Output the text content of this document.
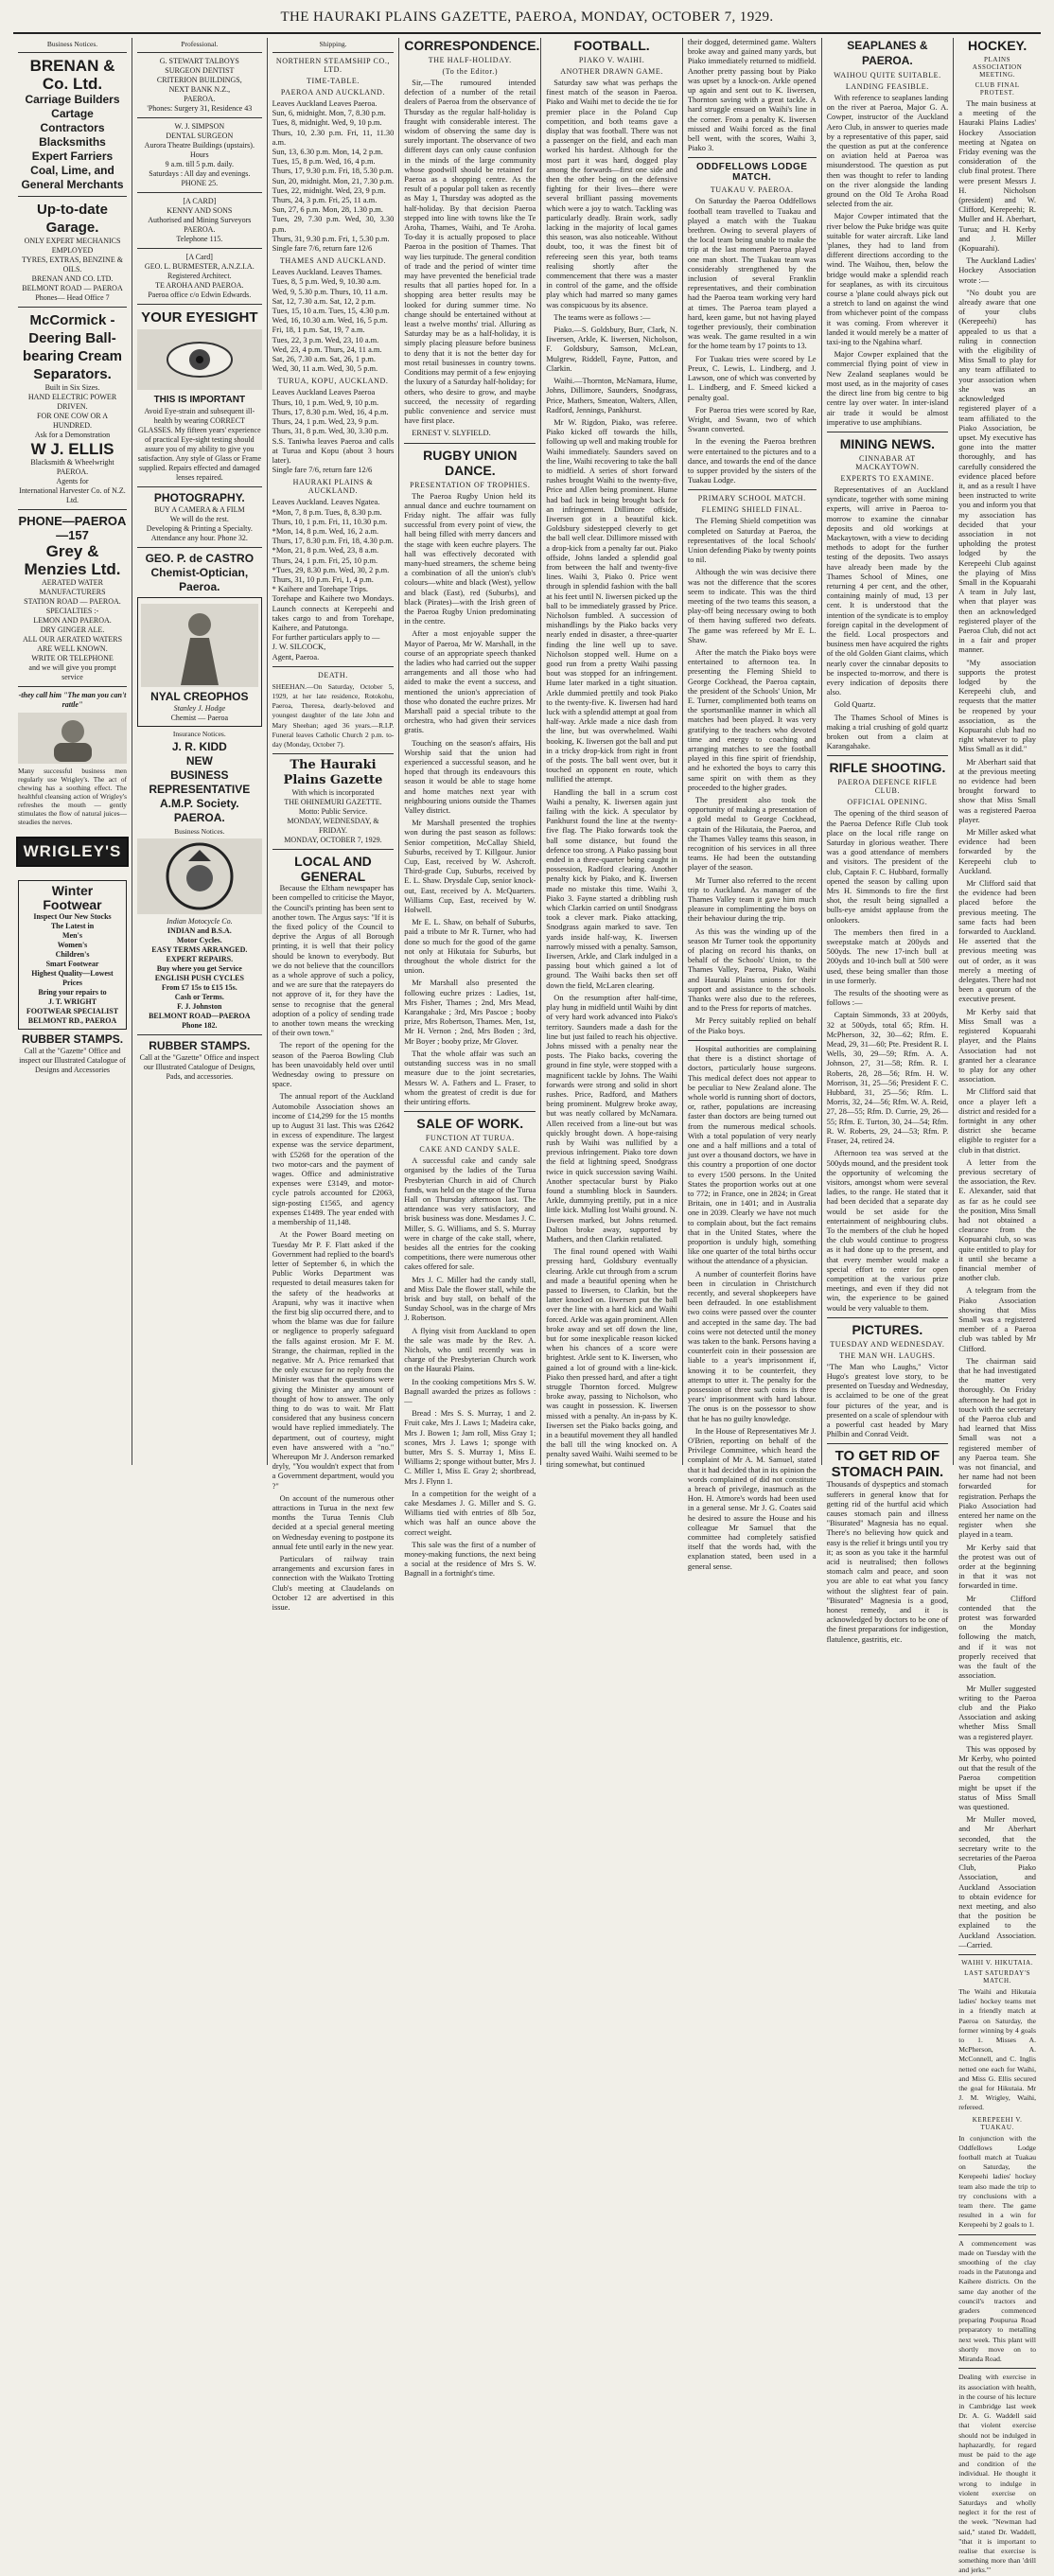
THE HAURAKI PLAINS GAZETTE, PAEROA, MONDAY, OCTOBER 7, 1929.
Business Notices.
BRENAN & Co. Ltd.
Carriage Builders
Cartage Contractors
Blacksmiths
Expert Farriers
Coal, Lime, and
General Merchants
Up-to-date Garage.
ONLY EXPERT MECHANICS EMPLOYED
TYRES, EXTRAS, BENZINE & OILS.
BRENAN AND CO. LTD.
BELMONT ROAD — PAEROA
Phones— Head Office 7
McCormick - Deering Ball-bearing Cream Separators.
Built in Six Sizes.
HAND ELECTRIC POWER DRIVEN.
FOR ONE COW OR A HUNDRED.
Ask for a Demonstration
W J. ELLIS
Blacksmith & Wheelwright
PAEROA.
Agents for
International Harvester Co. of N.Z. Ltd.
PHONE—PAEROA —157
Grey & Menzies Ltd.
AERATED WATER
MANUFACTURERS
STATION ROAD — PAEROA.
SPECIALTIES :-
LEMON AND PAEROA.
DRY GINGER ALE.
ALL OUR AERATED WATERS ARE WELL KNOWN.
WRITE OR TELEPHONE
and we will give you prompt service
-they call him "The man you can't rattle"
Many successful business men regularly use Wrigley's. The act of chewing has a soothing effect. The healthful cleansing action of Wrigley's refreshes the mouth — gently stimulates the flow of natural juices—steadies the nerves.
WRIGLEY'S
Winter Footwear
Inspect Our New Stocks
The Latest in
Men's
Women's
Children's
Smart Footwear
Highest Quality—Lowest Prices
Bring your repairs to
J. T. WRIGHT
FOOTWEAR SPECIALIST
BELMONT RD., PAEROA
RUBBER STAMPS.
Call at the "Gazette" Office and inspect our Illustrated Catalogue of Designs and Accessories
Professional.
G. STEWART TALBOYS
SURGEON DENTIST
CRITERION BUILDINGS,
NEXT BANK N.Z.,
PAEROA.
'Phones: Surgery 31, Residence 43
W. J. SIMPSON
DENTAL SURGEON
Aurora Theatre Buildings (upstairs).
Hours
9 a.m. till 5 p.m. daily.
Saturdays : All day and evenings.
PHONE 25.
[A CARD]
KENNY AND SONS
Authorised and Mining Surveyors
PAEROA.
Telephone 115.
[A Card]
GEO. L. BURMESTER, A.N.Z.I.A.
Registered Architect.
TE AROHA AND PAEROA.
Paeroa office c/o Edwin Edwards.
YOUR EYESIGHT
THIS IS IMPORTANT
Avoid Eye-strain and subsequent ill-health by wearing CORRECT GLASSES. My fifteen years' experience of practical Eye-sight testing should assure you of my ability to give you satisfaction. Any style of Glass or Frame supplied. Repairs effected and damaged lenses repaired.
PHOTOGRAPHY.
BUY A CAMERA & A FILM
We will do the rest.
Developing & Printing a Specialty.
Attendance any hour. Phone 32.
GEO. P. de CASTRO
Chemist-Optician, Paeroa.
NYAL CREOPHOS
Stanley J. Hodge
Chemist — Paeroa
Insurance Notices.
J. R. KIDD
NEW
BUSINESS REPRESENTATIVE
A.M.P. Society.
PAEROA.
Business Notices.
Indian Motocycle Co.
INDIAN and B.S.A.
Motor Cycles.
EASY TERMS ARRANGED.
EXPERT REPAIRS.
Buy where you get Service
ENGLISH PUSH CYCLES
From £7 15s to £15 15s.
Cash or Terms.
F. J. Johnston
BELMONT ROAD—PAEROA
Phone 182.
RUBBER STAMPS.
Call at the "Gazette" Office and inspect our Illustrated Catalogue of Designs, Pads, and accessories.
Shipping.
NORTHERN STEAMSHIP CO., LTD.
TIME-TABLE.
PAEROA AND AUCKLAND.
Leaves Auckland Leaves Paeroa.
Sun, 6, midnight. Mon, 7, 8.30 p.m.
Tues, 8, midnight. Wed, 9, 10 p.m.
Thurs, 10, 2.30 p.m. Fri, 11, 11.30 a.m.
Sun, 13, 6.30 p.m. Mon, 14, 2 p.m.
Tues, 15, 8 p.m. Wed, 16, 4 p.m.
Thurs, 17, 9.30 p.m. Fri, 18, 5.30 p.m.
Sun, 20, midnight. Mon, 21, 7.30 p.m.
Tues, 22, midnight. Wed, 23, 9 p.m.
Thurs, 24, 3 p.m. Fri, 25, 11 a.m.
Sun, 27, 6 p.m. Mon, 28, 1.30 p.m.
Tues, 29, 7.30 p.m. Wed, 30, 3.30 p.m.
Thurs, 31, 9.30 p.m. Fri, 1, 5.30 p.m.
Single fare 7/6, return fare 12/6
THAMES AND AUCKLAND.
Leaves Auckland. Leaves Thames.
Tues, 8, 5 p.m. Wed, 9, 10.30 a.m.
Wed, 9, 5.30 p.m. Thurs, 10, 11 a.m.
Sat, 12, 7.30 a.m. Sat, 12, 2 p.m.
Tues, 15, 10 a.m. Tues, 15, 4.30 p.m.
Wed, 16, 10.30 a.m. Wed, 16, 5 p.m.
Fri, 18, 1 p.m. Sat, 19, 7 a.m.
Tues, 22, 3 p.m. Wed, 23, 10 a.m.
Wed, 23, 4 p.m. Thurs, 24, 11 a.m.
Sat, 26, 7.30 a.m. Sat, 26, 1 p.m.
Wed, 30, 11 a.m. Wed, 30, 5 p.m.
TURUA, KOPU, AUCKLAND.
Leaves Auckland Leaves Paeroa
Thurs, 10, 1 p.m. Wed, 9, 10 p.m.
Thurs, 17, 8.30 p.m. Wed, 16, 4 p.m.
Thurs, 24, 1 p.m. Wed, 23, 9 p.m.
Thurs, 31, 8 p.m. Wed, 30, 3.30 p.m.
S.S. Taniwha leaves Paeroa and calls at Turua and Kopu (about 3 hours later).
Single fare 7/6, return fare 12/6
HAURAKI PLAINS & AUCKLAND.
Leaves Auckland. Leaves Ngatea.
*Mon, 7, 8 p.m. Tues, 8, 8.30 p.m.
Thurs, 10, 1 p.m. Fri, 11, 10.30 p.m.
*Mon, 14, 8 p.m. Wed, 16, 2 a.m.
Thurs, 17, 8.30 p.m. Fri, 18, 4.30 p.m.
*Mon, 21, 8 p.m. Wed, 23, 8 a.m.
Thurs, 24, 1 p.m. Fri, 25, 10 p.m.
*Tues, 29, 8.30 p.m. Wed, 30, 2 p.m.
Thurs, 31, 10 p.m. Fri, 1, 4 p.m.
* Kaihere and Torehape Trips.
Torehape and Kaihere two Mondays. Launch connects at Kerepeehi and takes cargo to and from Torehape, Kaihere, and Patutonga.
For further particulars apply to —
J. W. SILCOCK,
Agent, Paeroa.
DEATH.
SHEEHAN.—On Saturday, October 5, 1929, at her late residence, Rotokohu, Paeroa, Theresa, dearly-beloved and youngest daughter of the late John and Mary Sheehan; aged 36 years.—R.I.P. Funeral leaves Catholic Church 2 p.m. to-day (Monday, October 7).
The Hauraki Plains Gazette
With which is incorporated
THE OHINEMURI GAZETTE.
Motto: Public Service.
MONDAY, WEDNESDAY, & FRIDAY.
MONDAY, OCTOBER 7, 1929.
LOCAL AND GENERAL

Because the Eltham newspaper has been compelled to criticise the Mayor, the Council's printing has been sent to another town. The Argus says: "If it is the fixed policy of the Council to deprive the Argus of all Borough printing, it is well that their policy should be known to everybody. But we do not believe that the councillors as a whole approve of such a policy, and we are sure that the ratepayers do not approve of it, for they have the sense to recognise that the general adoption of a policy of sending trade to another town means the wrecking of their own town."

The report of the opening for the season of the Paeroa Bowling Club has been unavoidably held over until Wednesday owing to pressure on space.

The annual report of the Auckland Automobile Association shows an income of £14,299 for the 15 months up to August 31 last. This was £2642 in excess of expenditure. The largest expense was the service department, with £5268 for the operation of the two motor-cars and the payment of wages. Office and administrative expenses were £3149, and motor-cycle patrols accounted for £2063, sign-posting £1565, and agency expenses £1489. The year ended with a membership of 11,148.

At the Power Board meeting on Tuesday Mr P. F. Flatt asked if the Government had replied to the board's letter of September 6, in which the Public Works Department was requested to detail measures taken for the safety of the headworks at Arapuni, why was it inactive when the first big slip occurred there, and to whom the blame was due for failure or negligence to properly safeguard the falls against erosion. Mr F. M. Strange, the chairman, replied in the negative. Mr A. Price remarked that the only excuse for no reply from the Minister was that the questions were giving the Minister any amount of thought of how to answer. The only thing to do was to wait. Mr Flatt considered that any business concern would have replied immediately. The department, out of courtesy, might even have answered with a "no." Whereupon Mr J. Anderson remarked dryly, "You wouldn't expect that from a Government department, would you ?"

On account of the numerous other attractions in Turua in the next few months the Turua Tennis Club decided at a special general meeting on Wednesday evening to postpone its annual fete until early in the new year.

Particulars of railway train arrangements and excursion fares in connection with the Waikato Trotting Club's meeting at Claudelands on October 12 are advertised in this issue.

CORRESPONDENCE.
THE HALF-HOLIDAY.
(To the Editor.)

Sir,—The rumoured intended defection of a number of the retail dealers of Paeroa from the observance of Thursday as the regular half-holiday is fraught with considerable interest. The wisdom of observing the same day is surely important. The observance of two different days can only cause confusion in the minds of the large community whose goodwill should be retained for Paeroa as a shopping centre. As the result of a popular poll taken as recently as May 1, Thursday was adopted as the half-holiday. By that decision Paeroa stepped into line with towns like the Te Aroha, Thames, Waihi, and Te Aroha. To-day it is actually proposed to place Paeroa in the position of Thames. That way lies turpitude. The general condition of trade and the period of winter time may have prevented the beneficial trade results that all parties hoped for. In a shopping area better results may be looked for during summer time. No change should be entertained without at least a twelve months' trial. Alluring as Saturday may be as a half-holiday, it is simply placing pleasure before business to deny that it is not the better day for most retail businesses in country towns. Conditions may permit of a few enjoying the luxury of a Saturday half-holiday; for others, who desire to grow, and maybe succeed, the necessity of regarding public convenience and service must have first place.

ERNEST V. SLYFIELD.

RUGBY UNION DANCE.
PRESENTATION OF TROPHIES.

The Paeroa Rugby Union held its annual dance and euchre tournament on Friday night. The affair was fully successful from every point of view, the hall being filled with merry dancers and the stage with keen euchre players. The hall was effectively decorated with many-hued streamers, the scheme being a combination of all the union's club's colours—white and black (West), yellow and black (East), red (Suburbs), and black (Pirates)—with the Irish green of the Paeroa Rugby Union predominating in the centre.

After a most enjoyable supper the Mayor of Paeroa, Mr W. Marshall, in the course of an appropriate speech thanked the ladies who had carried out the supper arrangements and all those who had aided to make the event a success, and mentioned the union's appreciation of those who donated the euchre prizes. Mr Marshall paid a special tribute to the orchestra, who had given their services gratis.

Touching on the season's affairs, His Worship said that the union had experienced a successful season, and he hoped that through its endeavours this season it would be able to stage home and home matches next year with neighbouring unions outside the Thames Valley district.

Mr Marshall presented the trophies won during the past season as follows: Senior competition, McCallay Shield, Suburbs, received by T. Killgour. Junior Cup, East, received by W. Ashcroft. Third-grade Cup, Suburbs, received by E. L. Shaw. Drysdale Cup, senior knock-out, East, received by A. McQuarters. Williams Cup, East, received by W. Holwell.

Mr E. L. Shaw, on behalf of Suburbs, paid a tribute to Mr R. Turner, who had done so much for the good of the game not only at Hikutaia for Suburbs, but throughout the whole district for the union.

Mr Marshall also presented the following euchre prizes : Ladies, 1st, Mrs Fisher, Thames ; 2nd, Mrs Mead, Karangahake ; 3rd, Mrs Pascoe ; booby prize, Mrs Robertson, Thames. Men, 1st, Mr H. Vernon ; 2nd, Mrs Boden ; 3rd, Mr Boyer ; booby prize, Mr Glover.

That the whole affair was such an outstanding success was in no small measure due to the joint secretaries, Messrs W. A. Fathers and L. Fraser, to whom the greatest of credit is due for their untiring efforts.

SALE OF WORK.
FUNCTION AT TURUA.
CAKE AND CANDY SALE.

A successful cake and candy sale organised by the ladies of the Turua Presbyterian Church in aid of Church funds, was held on the stage of the Turua Hall on Thursday afternoon last. The attendance was very satisfactory, and brisk business was done. Mesdames J. C. Miller, S. G. Williams, and S. S. Murray were in charge of the cake stall, where, besides all the entries for the cooking competitions, there were numerous other cakes offered for sale.

Mrs J. C. Miller had the candy stall, and Miss Dale the flower stall, while the brisk and buy stall, on behalf of the Sunday School, was in the charge of Mrs J. Robertson.

A flying visit from Auckland to open the sale was made by the Rev. A. Nichols, who until recently was in charge of the Presbyterian Church work on the Hauraki Plains.

In the cooking competitions Mrs S. W. Bagnall awarded the prizes as follows :—

Bread : Mrs S. S. Murray, 1 and 2. Fruit cake, Mrs J. Laws 1; Madeira cake, Mrs J. Bowen 1; Jam roll, Miss Gray 1; scones, Mrs J. Laws 1; sponge with butter, Mrs S. S. Murray 1, Miss E. Williams 2; sponge without butter, Mrs J. C. Miller 1, Miss E. Gray 2; shortbread, Mrs J. Flynn 1.

In a competition for the weight of a cake Mesdames J. G. Miller and S. G. Williams tied with entries of 8lb 5oz, which was half an ounce above the correct weight.

This sale was the first of a number of money-making functions, the next being a social at the residence of Mrs S. W. Bagnall in a fortnight's time.

FOOTBALL.
PIAKO V. WAIHI.
ANOTHER DRAWN GAME.

Saturday saw what was perhaps the finest match of the season in Paeroa. Piako and Waihi met to decide the tie for premier place in the Poland Cup competition, and both teams gave a display that was football. There was not a passenger on the field, and each man worked his hardest. Although for the most part it was hard, dogged play among the forwards—first one side and then the other being on the defensive fighting for their lives—there were several brilliant passing movements which were a joy to watch. Tackling was particularly deadly. Brain work, sadly lacking in the majority of local games this season, was also noticeable. Without doubt, too, it was the finest bit of refereeing seen this year, both teams realising shortly after the commencement that there was a master in control of the game, and the offside play which had marred so many games was conspicuous by its absence.

The teams were as follows :—

Piako.—S. Goldsbury, Burr, Clark, N. Iiwersen, Arkle, K. Iiwersen, Nicholson, F. Goldsbury, Samson, McLean, Mulgrew, Riddell, Fayne, Patton, and Clarkin.

Waihi.—Thornton, McNamara, Hume, Johns, Dillimore, Saunders, Snodgrass, Price, Mathers, Smeaton, Walters, Allen, Radford, Jennings, Pankhurst.

Mr W. Rigdon, Piako, was referee. Piako kicked off towards the hills, following up well and making trouble for Waihi immediately. Saunders saved on the line, Waihi recovering to take the ball to midfield. A series of short forward rushes brought Waihi to the twenty-five, Price and Allen being prominent. Hume had bad luck in being brought back for an infringement. Dillimore offside, Iiwersen got in a beautiful kick. Goldsbury sidestepped cleverly to get the ball well clear. Dillimore missed with a drop-kick from a penalty far out. Piako offside, Johns landed a splendid goal from between the half and twenty-five lines. Waihi 3, Piako 0. Price went through in splendid fashion with the ball at his feet until N. Iiwersen picked up the ball to be immediately grassed by Price. Nicholson fumbled. A succession of mishandlings by the Piako backs very nearly ended in disaster, a three-quarter finding the line well up to save. Nicholson stopped well. Hume on a good run from a pretty Waihi passing bout was stopped for an infringement. Hume later marked in a tight situation. Arkle dummied prettily and took Piako to the twenty-five. K. Iiwersen had hard luck with a splendid attempt at goal from half-way. Arkle made a nice dash from the line, but was overwhelmed. Waihi booking, K. Iiwersen got the ball and put in a tricky drop-kick from right in front of the posts. The ball went over, but it touched an opponent en route, which nullified the attempt.

Handling the ball in a scrum cost Waihi a penalty, K. Iiwersen again just failing with the kick. A speculator by Pankhurst found the line at the twenty-five flag. The Piako forwards took the ball some distance, but found the defence too strong. A Piako passing bout ended in a three-quarter being caught in possession, Radford clearing. Another penalty kick by Piako, and K. Iiwersen made no mistake this time. Waihi 3, Piako 3. Fayne started a dribbling rush which Clarkin carried on until Snodgrass took a clever mark. Piako attacking, Snodgrass again marked to save. Ten yards inside half-way, K. Iiwersen narrowly missed with a penalty. Samson, Iiwersen, Arkle, and Clark indulged in a passing bout which gained a lot of ground. The Waihi backs then set off down the field, McLaren clearing.

On the resumption after half-time, play hung in midfield until Waihi by dint of very hard work advanced into Piako's territory. Saunders made a dash for the line but just failed to reach his objective. Johns missed with a penalty near the posts. The Piako backs, covering the ground in fine style, were stopped with a magnificent tackle by Johns. The Waihi forwards were strong and solid in short rushes. Price, Radford, and Mathers being prominent. Mulgrew broke away, but was neatly collared by McNamara. Allen received from a line-out but was quickly brought down. A hope-raising rush by Waihi was nullified by a previous infringement. Piako tore down the field at lightning speed, Snodgrass twice in quick succession saving Waihi. Another spectacular burst by Piako found a stumbling block in Saunders. Arkle, dummying prettily, put in a nice little kick. Mulling lost Waihi ground. N. Iiwersen marked, but Johns returned. Dalton broke away, supported by Mathers, and then Clarkin retaliated.

The final round opened with Waihi pressing hard, Goldsbury eventually clearing. Arkle cut through from a scrum and made a beautiful opening when he passed to Iiwersen, to Clarkin, but the latter knocked on. Iiwersen put the ball over the line with a hard kick and Waihi forced. Arkle was again prominent. Allen broke away and set off down the line, but for some inexplicable reason kicked when his chances of a score were brightest. Arkle sent to K. Iiwersen, who gained a lot of ground with a line-kick. Piako then pressed hard, and after a tight struggle Thornton forced. Mulgrew broke away, passing to Nicholson, who was caught in possession. K. Iiwersen missed with a penalty. An in-pass by K. Iiwersen set the Piako backs going, and in a beautiful movement they all handled the ball till the wing knocked on. A penalty saved Waihi. Waihi seemed to be tiring somewhat, but continued

their dogged, determined game. Walters broke away and gained many yards, but Piako immediately returned to midfield. Another pretty passing bout by Piako was upset by a knock-on. Arkle opened up again and sent out to K. Iiwersen, Thornton saving with a great tackle. A hard struggle ensued on Waihi's line in the corner. From a penalty K. Iiwersen missed and Waihi forced as the final bell went, with the scores, Waihi 3, Piako 3.
ODDFELLOWS LODGE MATCH.
TUAKAU V. PAEROA.

On Saturday the Paeroa Oddfellows football team travelled to Tuakau and played a match with the Tuakau brethren. Owing to several players of the local team being unable to make the trip at the last moment Paeroa played one man short. The Tuakau team was considerably strengthened by the inclusion of several Franklin representatives, and their combination had the Paeroa team working very hard at times. The Paeroa team played a hard, keen game, but not having played together previously, their combination was weak. The game resulted in a win for the home team by 17 points to 13.

For Tuakau tries were scored by Le Preux, C. Lewis, L. Lindberg, and J. Lawson, one of which was converted by L. Lindberg, and F. Smeed kicked a penalty goal.

For Paeroa tries were scored by Rae, Wright, and Swann, two of which Swann converted.

In the evening the Paeroa brethren were entertained to the pictures and to a dance, and towards the end of the dance to supper provided by the sisters of the Tuakau Lodge.

PRIMARY SCHOOL MATCH.
FLEMING SHIELD FINAL.

The Fleming Shield competition was completed on Saturday at Paeroa, the representatives of the local Schools' Union defending Piako by twenty points to nil.

Although the win was decisive there was not the difference that the scores seem to indicate. This was the third meeting of the two teams this season, a play-off being necessary owing to both of them having suffered two defeats. The game was refereed by Mr E. L. Shaw.

After the match the Piako boys were entertained to afternoon tea. In presenting the Fleming Shield to George Cockhead, the Paeroa captain, the president of the Schools' Union, Mr E. Turner, complimented both teams on the sportsmanlike manner in which all matches had been played. It was very gratifying to the teachers who devoted time and energy to coaching and arranging matches to see the football played in this fine spirit of friendship, and he exhorted the boys to carry this same spirit on with them as they proceeded to the higher grades.

The president also took the opportunity of making a presentation of a gold medal to George Cockhead, captain of the Hikutaia, the Paeroa, and the Thames Valley teams this season, in recognition of his services in all three teams. He had been the outstanding player of the season.

Mr Turner also referred to the recent trip to Auckland. As manager of the Thames Valley team it gave him much pleasure in complimenting the boys on their behaviour during the trip.

As this was the winding up of the season Mr Turner took the opportunity of placing on record his thanks, on behalf of the Schools' Union, to the Thames Valley, Paeroa, Piako, Waihi and Hauraki Plains unions for their support and assistance to the schools. Thanks were also due to the referees, and to the Press for reports of matches.

Mr Percy suitably replied on behalf of the Piako boys.

Hospital authorities are complaining that there is a distinct shortage of doctors, particularly house surgeons. This medical defect does not appear to be peculiar to New Zealand alone. The whole world is running short of doctors, or, rather, populations are increasing faster than doctors are being turned out from the numerous medical schools. With a total population of very nearly one and a half millions and a total of just over a thousand doctors, we have in this country a proportion of one doctor to every 1500 persons. In the United States the proportion works out at one to 772; in France, one in 2824; in Great Britain, one in 1401; and in Australia one in 2039. Clearly we have not much to complain about, but the fact remains that in the United States, where the proportion is unduly high, something like one quarter of the total births occur without the attendance of a physician.

A number of counterfeit florins have been in circulation in Christchurch recently, and several shopkeepers have been defrauded. In one establishment two coins were passed over the counter and accepted in the same day. The bad coins were not detected until the money was taken to the bank. Persons having a counterfeit coin in their possession are liable to a year's imprisonment if, knowing it to be counterfeit, they attempt to utter it. The penalty for the possession of three such coins is three years' imprisonment with hard labour. The onus is on the possessor to show that he has no guilty knowledge.

In the House of Representatives Mr J. O'Brien, reporting on behalf of the Privilege Committee, which heard the complaint of Mr A. M. Samuel, stated that it had decided that in its opinion the words complained of did not constitute a breach of privilege, inasmuch as the Hon. H. Atmore's words had been used in a general sense. Mr J. G. Coates said he desired to assure the House and his colleague Mr Samuel that the committee had completely satisfied itself that the words had, with the explanation stated, been used in a general sense.

SEAPLANES & PAEROA.
WAIHOU QUITE SUITABLE.
LANDING FEASIBLE.

With reference to seaplanes landing on the river at Paeroa, Major G. A. Cowper, instructor of the Auckland Aero Club, in answer to queries made by a representative of this paper, said the question as put at the conference on aviation held at Paeroa was misunderstood. The question as put then was thought to refer to landing on the river alongside the landing ground on the Old Te Aroha Road selected from the air.

Major Cowper intimated that the river below the Puke bridge was quite suitable for water aircraft. Like land 'planes, they had to land from different directions according to the wind. The Waihou, then, below the bridge would make a splendid reach for seaplanes, as with its circuitous course a 'plane could always pick out a stretch to land on against the wind from whichever point of the compass it was coming. From wherever it landed it would merely be a matter of taxi-ing to the Ngahina wharf.

Major Cowper explained that the commercial flying point of view in New Zealand seaplanes would be most used, as in the majority of cases the direct line from big centre to big centre lay over water. In inter-island air trade it would be almost imperative to use amphibians.

MINING NEWS.
CINNABAR AT MACKAYTOWN.
EXPERTS TO EXAMINE.

Representatives of an Auckland syndicate, together with some mining experts, will arrive in Paeroa to-morrow to examine the cinnabar deposits and old workings at Mackaytown, with a view to deciding methods to adopt for the further testing of the deposits. Two assays have already been made by the Thames School of Mines, one returning 4 per cent, and the other, containing mainly of mud, 13 per cent. It is understood that the intention of the syndicate is to employ foreign capital in the development of the field. Local prospectors and business men have acquired the rights of the old Golden Giant claims, which nearly cover the cinnabar deposits to be inspected to-morrow, and there is every indication of deposits there also.

Gold Quartz.

The Thames School of Mines is making a trial crushing of gold quartz broken out from a claim at Karangahake.

RIFLE SHOOTING.
PAEROA DEFENCE RIFLE CLUB.
OFFICIAL OPENING.

The opening of the third season of the Paeroa Defence Rifle Club took place on the local rifle range on Saturday in glorious weather. There was a good attendance of members and visitors. The president of the club, Captain F. C. Hubbard, formally opened the season by calling upon Mrs H. Simmonds to fire the first shot, the result being signalled a bulls-eye amidst applause from the onlookers.

The members then fired in a sweepstake match at 200yds and 500yds. The new 17-inch bull at 200yds and 10-inch bull at 500 were used, these being smaller than those in use formerly.

The results of the shooting were as follows :—

Captain Simmonds, 33 at 200yds, 32 at 500yds, total 65; Rfm. H. McPherson, 32, 30—62; Rfm. E. Mead, 29, 31—60; Pte. President R. I. Wells, 30, 29—59; Rfm. A. A. Johnson, 27, 31—58; Rfm. R. I. Roberts, 28, 28—56; Rfm. H. W. Morrison, 31, 25—56; President F. C. Hubbard, 31, 25—56; Rfm. L. Morris, 32, 24—56; Rfm. W. A. Reid, 27, 28—55; Rfm. D. Currie, 29, 26—55; Rfm. E. Turton, 30, 24—54; Rfm. R. W. Roberts, 29, 24—53; Rfm. P. Fraser, 24, retired 24.

Afternoon tea was served at the 500yds mound, and the president took the opportunity of welcoming the visitors, amongst whom were several ladies, to the range. He stated that it had been decided that a separate day would be set aside for the entertainment of neighbouring clubs. To the members of the club he hoped the club would continue to progress as it had done up to the present, and that every member would make a special effort to enter for open competition at the various prize meetings, and even if they did not win, the experience to be gained would be very valuable to them.

PICTURES.
TUESDAY AND WEDNESDAY.
THE MAN WH. LAUGHS.
"The Man who Laughs," Victor Hugo's greatest love story, to be presented on Tuesday and Wednesday, is acclaimed to be one of the great four pictures of the year, and is presented on a scale of splendour with a powerful cast headed by Mary Philbin and Conrad Veidt.
TO GET RID OF STOMACH PAIN.
Thousands of dyspeptics and stomach sufferers in general know that for getting rid of the hurtful acid which causes stomach pain and illness "Bisurated" Magnesia has no equal. There's no believing how quick and easy is the relief it brings until you try it; as soon as you take it the harmful acid is neutralised; then follows stomach calm and peace, and soon you are able to eat what you fancy without the slightest fear of pain. "Bisurated" Magnesia is a good, honest remedy, and it is acknowledged by doctors to be one of the finest preparations for indigestion, flatulence, gastritis, etc.
HOCKEY.
PLAINS ASSOCIATION MEETING.
CLUB FINAL PROTEST.

The main business at a meeting of the Hauraki Plains Ladies' Hockey Association meeting at Ngatea on Friday evening was the consideration of the club final protest. There were present Messrs J. H. Nicholson (president) and W. Clifford, Kerepeehi; R. Muller and H. Aberhart, Turua; and H. Kerby and J. Miller (Kopuarahi).

The Auckland Ladies' Hockey Association wrote :—

"No doubt you are already aware that one of your clubs (Kerepeehi) has appealed to us that a ruling in connection with the eligibility of Miss Small to play for any team affiliated to your association when she was an acknowledged registered player of a team affiliated to the Piako Association, be upset. My executive has gone into the matter thoroughly, and has carefully considered the evidence placed before it, and as a result I have been instructed to write you and inform you that my association has decided that your association in not upholding the protest lodged by the Kerepeehi Club against the playing of Miss Small in the Kopuarahi A team in July last, when that player was then an acknowledged registered player of the Paeroa Club, did not act in a fair and proper manner.

"My association supports the protest lodged by the Kerepeehi club, and requests that the matter be reopened by your association, as the Kopuarahi club had no right whatever to play Miss Small as it did."

Mr Aberhart said that at the previous meeting no evidence had been brought forward to show that Miss Small was a registered Paeroa player.

Mr Miller asked what evidence had been forwarded by the Kerepeehi club to Auckland.

Mr Clifford said that the evidence had been placed before the previous meeting. The same facts had been forwarded to Auckland. He asserted that the previous meeting was out of order, as it was merely a meeting of delegates. There had not been a quorum of the executive present.

Mr Kerby said that Miss Small was a registered Kopuarahi player, and the Plains Association had not granted her a clearance to play for any other association.

Mr Clifford said that once a player left a district and resided for a fortnight in any other district she became eligible to register for a club in that district.

A letter from the previous secretary of the association, the Rev. E. Alexander, said that as far as he could see the position, Miss Small had not obtained a clearance from the Kopuarahi club, so was quite entitled to play for it until she became a financial member of another club.

A telegram from the Piako Association showing that Miss Small was a registered member of a Paeroa club was tabled by Mr Clifford.

The chairman said that he had investigated the matter very thoroughly. On Friday afternoon he had got in touch with the secretary of the Paeroa club and had learned that Miss Small was not a registered member of any Paeroa team. She was not financial, and her name had not been forwarded for registration. Perhaps the Piako Association had entered her name on the register when she played in a team.

Mr Kerby said that the protest was out of order at the beginning in that it was not forwarded in time.

Mr Clifford contended that the protest was forwarded on the Monday following the match, and if it was not properly received that was the fault of the association.

Mr Muller suggested writing to the Paeroa club and the Piako Association and asking whether Miss Small was a registered player.

This was opposed by Mr Kerby, who pointed out that the result of the Paeroa competition might be upset if the status of Miss Small was questioned.

Mr Muller moved, and Mr Aberhart seconded, that the secretary write to the secretaries of the Paeroa Club, Piako Association, and Auckland Association to obtain evidence for next meeting, and also that the position be explained to the Auckland Association.—Carried.

WAIHI V. HIKUTAIA.
LAST SATURDAY'S MATCH.
The Waihi and Hikutaia ladies' hockey teams met in a friendly match at Paeroa on Saturday, the former winning by 4 goals to 1. Misses A. McPherson, A. McConnell, and C. Inglis netted one each for Waihi, and Miss G. Ellis secured the goal for Hikutaia. Mr J. M. Wrigley, Waihi, refereed.
KEREPEEHI V. TUAKAU.
In conjunction with the Oddfellows Lodge football match at Tuakau on Saturday, the Kerepeehi ladies' hockey team also made the trip to try conclusions with a team there. The game resulted in a win for Kerepeehi by 2 goals to 1.
A commencement was made on Tuesday with the smoothing of the clay roads in the Patutonga and Kaihere districts. On the same day another of the council's tractors and graders commenced preparing Poupurua Road preparatory to metalling next week. This plant will shortly move on to Miranda Road.
Dealing with exercise in its association with health, in the course of his lecture in Cambridge last week Dr. A. G. Waddell said that violent exercise should not be indulged in haphazardly, for regard must be paid to the age and condition of the individual. He thought it wrong to indulge in violent exercise on Saturdays and wholly neglect it for the rest of the week. "Newman had said," stated Dr. Waddell, "that it is important to realise that exercise is something more than 'drill and jerks.'"
